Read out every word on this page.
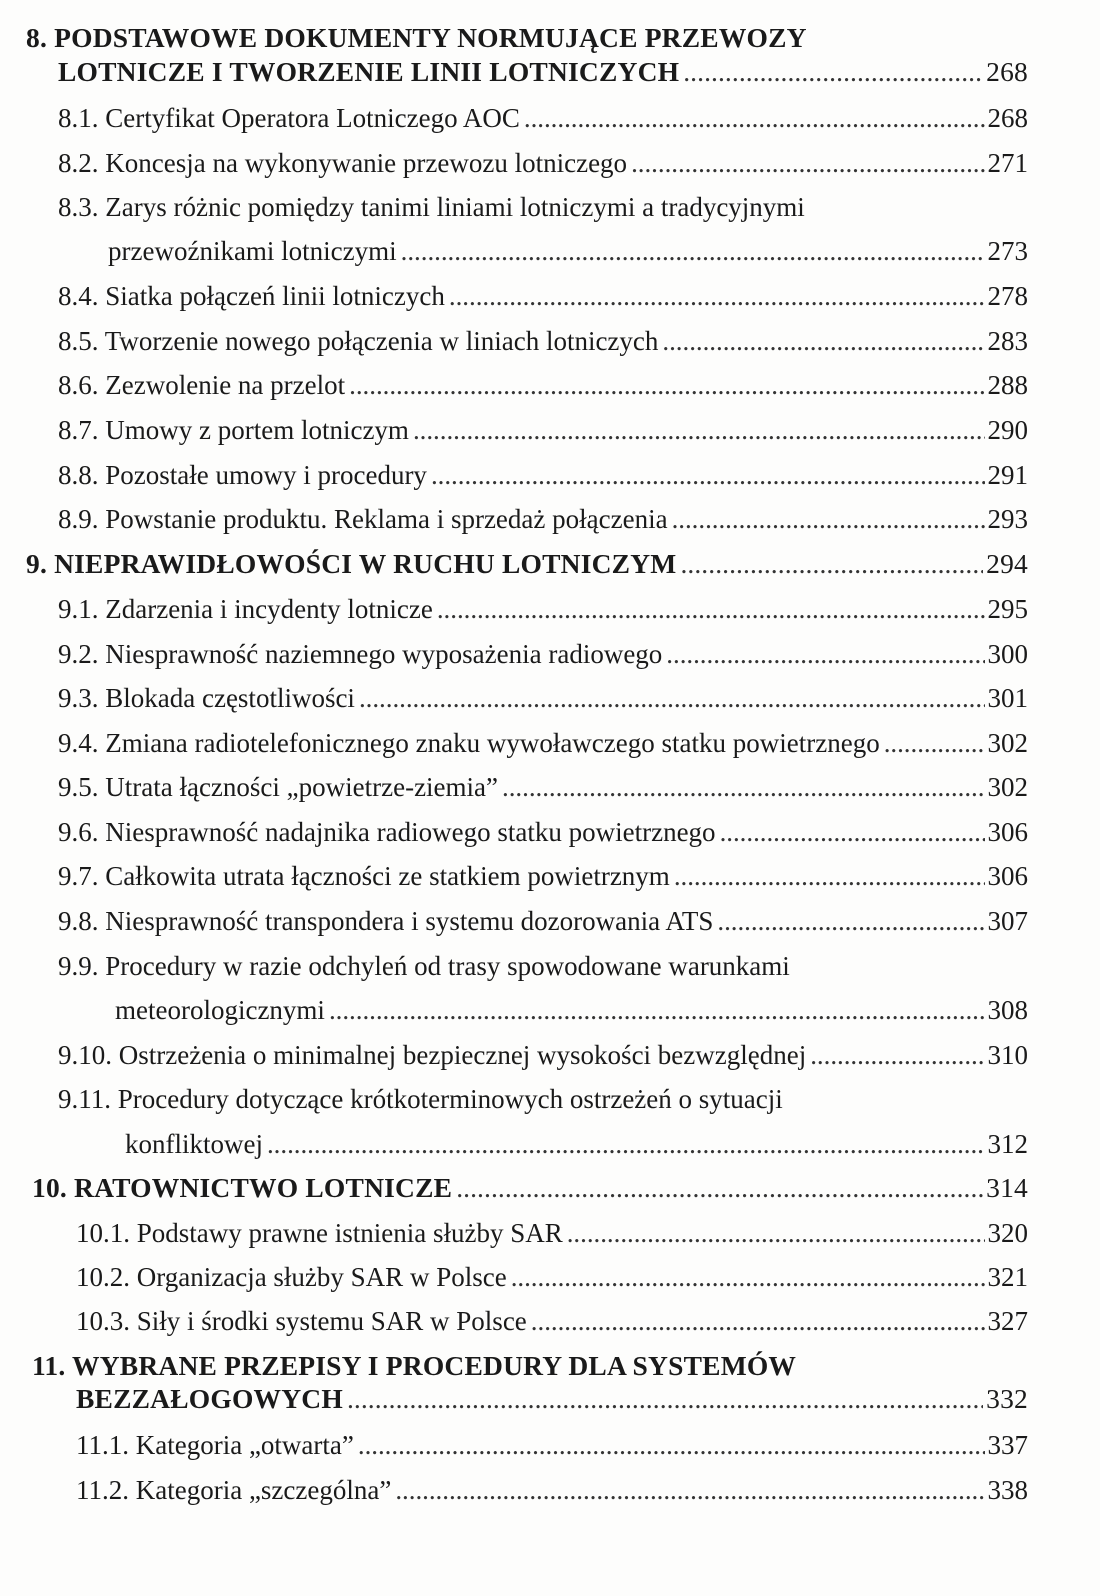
8. PODSTAWOWE DOKUMENTY NORMUJĄCE PRZEWOZY
LOTNICZE I TWORZENIE LINII LOTNICZYCH . . .	268
8.1. Certyfikat Operatora Lotniczego AOC . . .	268
8.2. Koncesja na wykonywanie przewozu lotniczego . . .	271
8.3. Zarys różnic pomiędzy tanimi liniami lotniczymi a tradycyjnymi
przewoźnikami lotniczymi . . .	273
8.4. Siatka połączeń linii lotniczych . . .	278
8.5. Tworzenie nowego połączenia w liniach lotniczych . . .	283
8.6. Zezwolenie na przelot . . .	288
8.7. Umowy z portem lotniczym . . .	290
8.8. Pozostałe umowy i procedury . . .	291
8.9. Powstanie produktu. Reklama i sprzedaż połączenia . . .	293
9. NIEPRAWIDŁOWOŚCI W RUCHU LOTNICZYM . . .	294
9.1. Zdarzenia i incydenty lotnicze . . .	295
9.2. Niesprawność naziemnego wyposażenia radiowego . . .	300
9.3. Blokada częstotliwości . . .	301
9.4. Zmiana radiotelefonicznego znaku wywoławczego statku powietrznego . . .	302
9.5. Utrata łączności „powietrze-ziemia” . . .	302
9.6. Niesprawność nadajnika radiowego statku powietrznego . . .	306
9.7. Całkowita utrata łączności ze statkiem powietrznym . . .	306
9.8. Niesprawność transpondera i systemu dozorowania ATS . . .	307
9.9. Procedury w razie odchyleń od trasy spowodowane warunkami
meteorologicznymi . . .	308
9.10. Ostrzeżenia o minimalnej bezpiecznej wysokości bezwzględnej . . .	310
9.11. Procedury dotyczące krótkoterminowych ostrzeżeń o sytuacji
konfliktowej . . .	312
10. RATOWNICTWO LOTNICZE . . .	314
10.1. Podstawy prawne istnienia służby SAR . . .	320
10.2. Organizacja służby SAR w Polsce . . .	321
10.3. Siły i środki systemu SAR w Polsce . . .	327
11. WYBRANE PRZEPISY I PROCEDURY DLA SYSTEMÓW
BEZZAŁOGOWYCH . . .	332
11.1. Kategoria „otwarta” . . .	337
11.2. Kategoria „szczególna” . . .	338
